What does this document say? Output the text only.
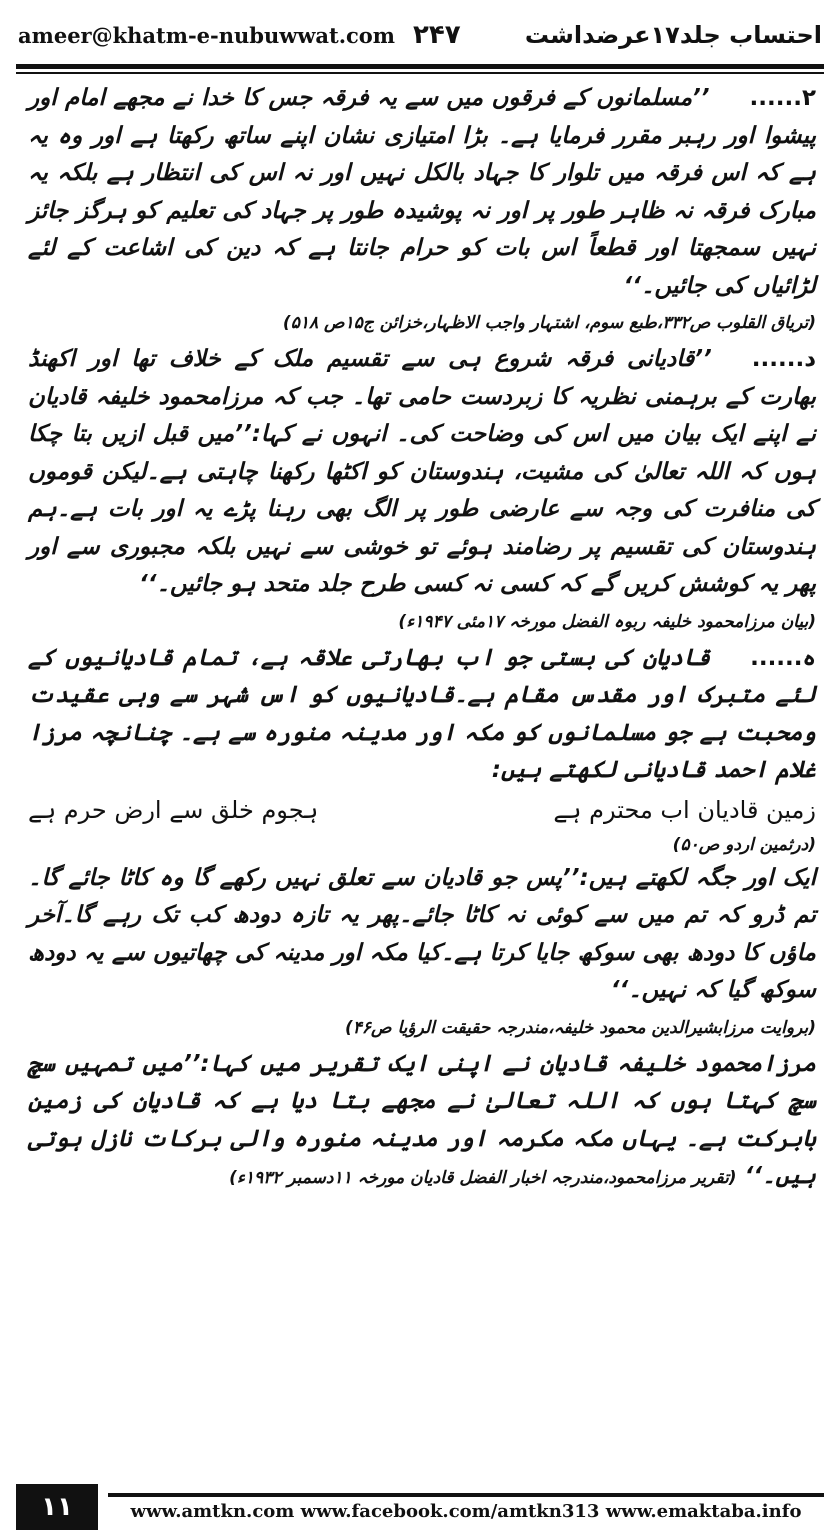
ameer@khatm-e-nubuwwat.com ۲۴۷	احتساب جلد۱۷عرضداشت

۲......’’مسلمانوں کے فرقوں میں سے یہ فرقہ جس کا خدا نے مجھے امام اور پیشوا اور رہبر مقرر فرمایا ہے۔ بڑا امتیازی نشان اپنے ساتھ رکھتا ہے اور وہ یہ ہے کہ اس فرقہ میں تلوار کا جہاد بالکل نہیں اور نہ اس کی انتظار ہے بلکہ یہ مبارک فرقہ نہ ظاہر طور پر اور نہ پوشیدہ طور پر جہاد کی تعلیم کو ہرگز جائز نہیں سمجھتا اور قطعاً اس بات کو حرام جانتا ہے کہ دین کی اشاعت کے لئے لڑائیاں کی جائیں۔‘‘

(تریاق القلوب ص۳۳۲،طبع سوم، اشتہار واجب الاظہار،خزائن ج۱۵ص ۵۱۸)

د......’’قادیانی فرقہ شروع ہی سے تقسیم ملک کے خلاف تھا اور اکھنڈ بھارت کے برہمنی نظریہ کا زبردست حامی تھا۔ جب کہ مرزامحمود خلیفہ قادیان نے اپنے ایک بیان میں اس کی وضاحت کی۔ انہوں نے کہا:’’میں قبل ازیں بتا چکا ہوں کہ اللہ تعالیٰ کی مشیت، ہندوستان کو اکٹھا رکھنا چاہتی ہے۔لیکن قوموں کی منافرت کی وجہ سے عارضی طور پر الگ بھی رہنا پڑے یہ اور بات ہے۔ہم ہندوستان کی تقسیم پر رضامند ہوئے تو خوشی سے نہیں بلکہ مجبوری سے اور پھر یہ کوشش کریں گے کہ کسی نہ کسی طرح جلد متحد ہو جائیں۔‘‘

(بیان مرزامحمود خلیفہ ربوہ الفضل مورخہ ۱۷مئی ۱۹۴۷ء)

ہ......قادیان کی بستی جو اب بھارتی علاقہ ہے، تمام قادیانیوں کے لئے متبرک اور مقدس مقام ہے۔قادیانیوں کو اس شہر سے وہی عقیدت ومحبت ہے جو مسلمانوں کو مکہ اور مدینہ منورہ سے ہے۔ چنانچہ مرزا غلام احمد قادیانی لکھتے ہیں:

زمین قادیان اب محترم ہے
ہجوم خلق سے ارض حرم ہے

(درثمین اردو ص۵۰)

ایک اور جگہ لکھتے ہیں:’’پس جو قادیان سے تعلق نہیں رکھے گا وہ کاٹا جائے گا۔تم ڈرو کہ تم میں سے کوئی نہ کاٹا جائے۔پھر یہ تازہ دودھ کب تک رہے گا۔آخر ماؤں کا دودھ بھی سوکھ جایا کرتا ہے۔کیا مکہ اور مدینہ کی چھاتیوں سے یہ دودھ سوکھ گیا کہ نہیں۔‘‘

(بروایت مرزابشیرالدین محمود خلیفہ،مندرجہ حقیقت الرؤیا ص۴۶)

مرزامحمود خلیفہ قادیان نے اپنی ایک تقریر میں کہا:’’میں تمہیں سچ سچ کہتا ہوں کہ اللہ تعالیٰ نے مجھے بتا دیا ہے کہ قادیان کی زمین بابرکت ہے۔ یہاں مکہ مکرمہ اور مدینہ منورہ والی برکات نازل ہوتی ہیں۔‘‘ (تقریر مرزامحمود،مندرجہ اخبار الفضل قادیان مورخہ ۱۱دسمبر ۱۹۳۲ء)

۱۱	www.amtkn.com www.facebook.com/amtkn313 www.emaktaba.info
